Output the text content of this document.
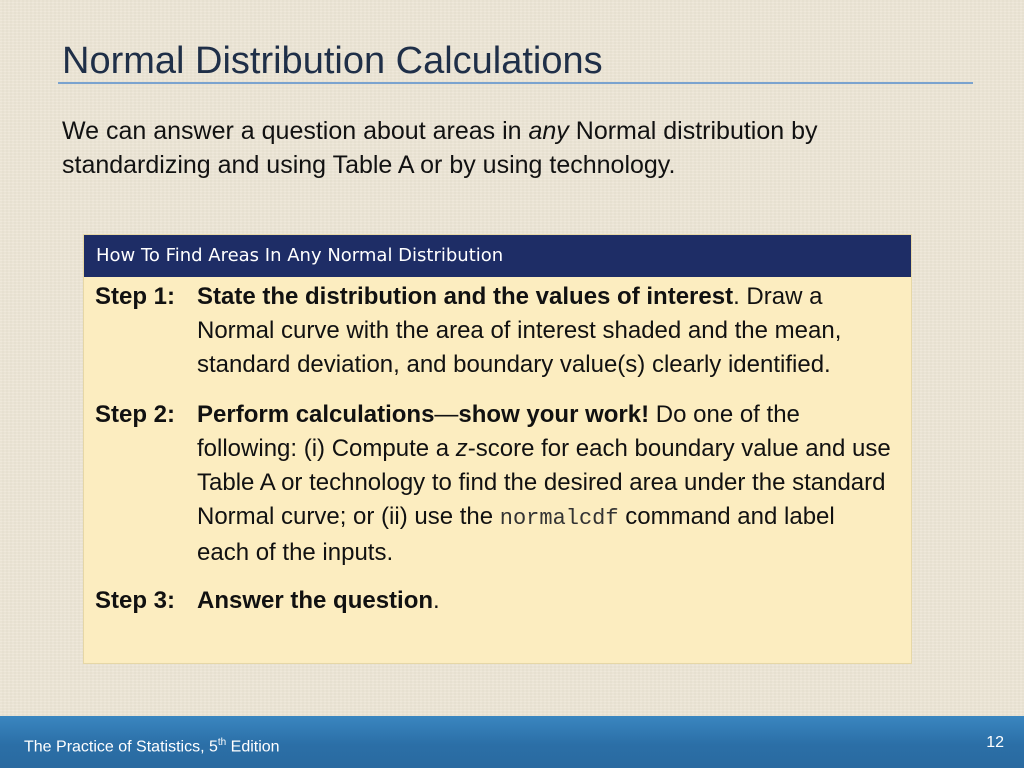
Normal Distribution Calculations
We can answer a question about areas in any Normal distribution by standardizing and using Table A or by using technology.
How To Find Areas In Any Normal Distribution
Step 1: State the distribution and the values of interest. Draw a Normal curve with the area of interest shaded and the mean, standard deviation, and boundary value(s) clearly identified.
Step 2: Perform calculations—show your work! Do one of the following: (i) Compute a z-score for each boundary value and use Table A or technology to find the desired area under the standard Normal curve; or (ii) use the normalcdf command and label each of the inputs.
Step 3: Answer the question.
The Practice of Statistics, 5th Edition	12
